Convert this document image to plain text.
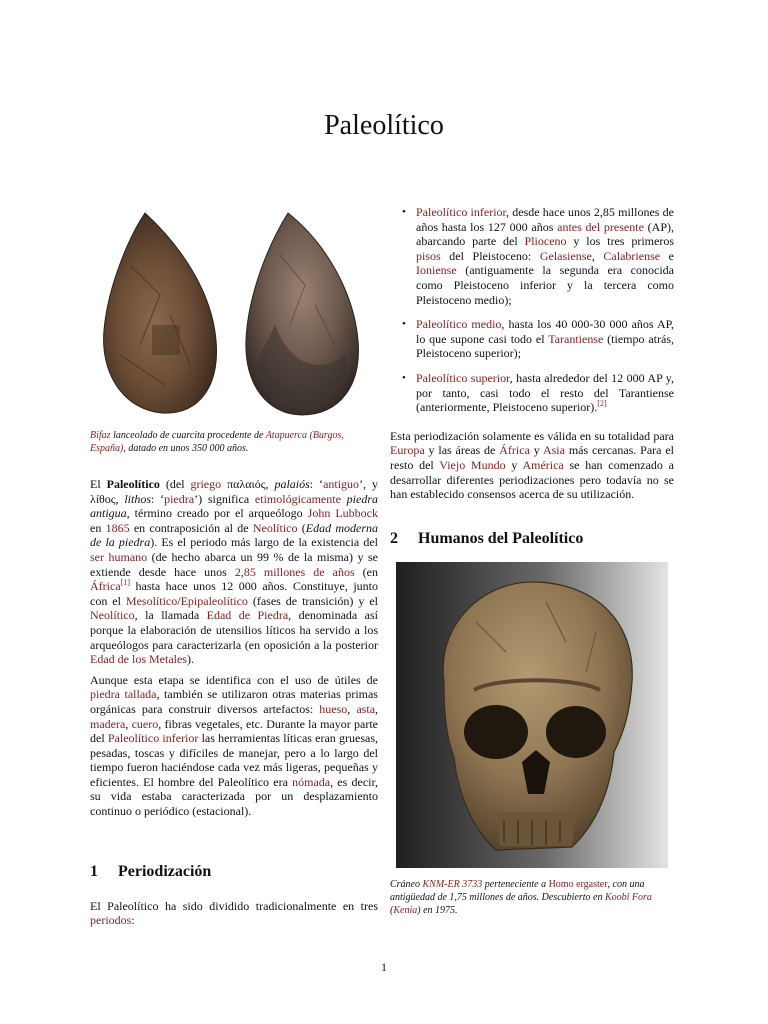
Paleolítico
Bifaz lanceolado de cuarcita procedente de Atapuerca (Burgos, España), datado en unos 350 000 años.

El Paleolítico (del griego παλαιός, palaiós: ‘antiguo’, y λίθος, lithos: ‘piedra’) significa etimológicamente piedra antigua, término creado por el arqueólogo John Lubbock en 1865 en contraposición al de Neolítico (Edad moderna de la piedra). Es el periodo más largo de la existencia del ser humano (de hecho abarca un 99 % de la misma) y se extiende desde hace unos 2,85 millones de años (en África[1] hasta hace unos 12 000 años. Constituye, junto con el Mesolítico/Epipaleolítico (fases de transición) y el Neolítico, la llamada Edad de Piedra, denominada así porque la elaboración de utensilios líticos ha servido a los arqueólogos para caracterizarla (en oposición a la posterior Edad de los Metales).

Aunque esta etapa se identifica con el uso de útiles de piedra tallada, también se utilizaron otras materias primas orgánicas para construir diversos artefactos: hueso, asta, madera, cuero, fibras vegetales, etc. Durante la mayor parte del Paleolítico inferior las herramientas líticas eran gruesas, pesadas, toscas y difíciles de manejar, pero a lo largo del tiempo fueron haciéndose cada vez más ligeras, pequeñas y eficientes. El hombre del Paleolítico era nómada, es decir, su vida estaba caracterizada por un desplazamiento continuo o periódico (estacional).

1 Periodización

El Paleolítico ha sido dividido tradicionalmente en tres periodos:

• Paleolítico inferior, desde hace unos 2,85 millones de años hasta los 127 000 años antes del presente (AP), abarcando parte del Plioceno y los tres primeros pisos del Pleistoceno: Gelasiense, Calabriense e Ioniense (antiguamente la segunda era conocida como Pleistoceno inferior y la tercera como Pleistoceno medio);
• Paleolítico medio, hasta los 40 000-30 000 años AP, lo que supone casi todo el Tarantiense (tiempo atrás, Pleistoceno superior);
• Paleolítico superior, hasta alrededor del 12 000 AP y, por tanto, casi todo el resto del Tarantiense (anteriormente, Pleistoceno superior).[2]

Esta periodización solamente es válida en su totalidad para Europa y las áreas de África y Asia más cercanas. Para el resto del Viejo Mundo y América se han comenzado a desarrollar diferentes periodizaciones pero todavía no se han establecido consensos acerca de su utilización.

2 Humanos del Paleolítico
Cráneo KNM-ER 3733 perteneciente a Homo ergaster, con una antigüedad de 1,75 millones de años. Descubierto en Koobi Fora (Kenia) en 1975.
1
